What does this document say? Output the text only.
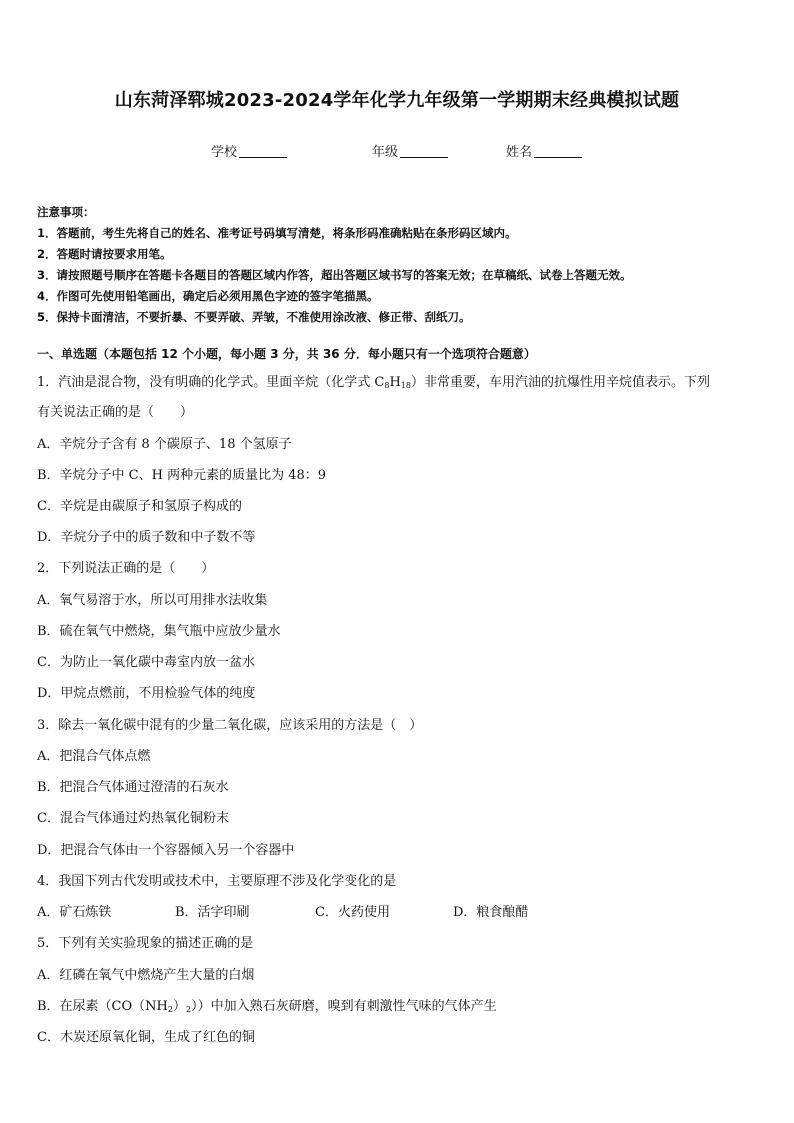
山东菏泽郓城2023-2024学年化学九年级第一学期期末经典模拟试题
学校	年级	姓名
注意事项：
1．答题前，考生先将自己的姓名、准考证号码填写清楚，将条形码准确粘贴在条形码区域内。
2．答题时请按要求用笔。
3．请按照题号顺序在答题卡各题目的答题区域内作答，超出答题区域书写的答案无效；在草稿纸、试卷上答题无效。
4．作图可先使用铅笔画出，确定后必须用黑色字迹的签字笔描黑。
5．保持卡面清洁，不要折暴、不要弄破、弄皱，不准使用涂改液、修正带、刮纸刀。
一、单选题（本题包括 12 个小题，每小题 3 分，共 36 分．每小题只有一个选项符合题意）
1．汽油是混合物，没有明确的化学式。里面辛烷（化学式 $C_8H_{18}$）非常重要，车用汽油的抗爆性用辛烷值表示。下列
有关说法正确的是（　　）
A．辛烷分子含有 8 个碳原子、18 个氢原子
B．辛烷分子中 C、H 两种元素的质量比为 48：9
C．辛烷是由碳原子和氢原子构成的
D．辛烷分子中的质子数和中子数不等
2．下列说法正确的是（　　）
A．氧气易溶于水，所以可用排水法收集
B．硫在氧气中燃烧，集气瓶中应放少量水
C．为防止一氧化碳中毒室内放一盆水
D．甲烷点燃前，不用检验气体的纯度
3．除去一氧化碳中混有的少量二氧化碳，应该采用的方法是（　）
A．把混合气体点燃
B．把混合气体通过澄清的石灰水
C．混合气体通过灼热氧化铜粉末
D．把混合气体由一个容器倾入另一个容器中
4．我国下列古代发明或技术中，主要原理不涉及化学变化的是
A．矿石炼铁	B．活字印刷	C．火药使用	D．粮食酿醋
5．下列有关实验现象的描述正确的是
A．红磷在氧气中燃烧产生大量的白烟
B．在尿素$(CO(NH_2)_2)$）中加入熟石灰研磨，嗅到有刺激性气味的气体产生
C．木炭还原氧化铜，生成了红色的铜
